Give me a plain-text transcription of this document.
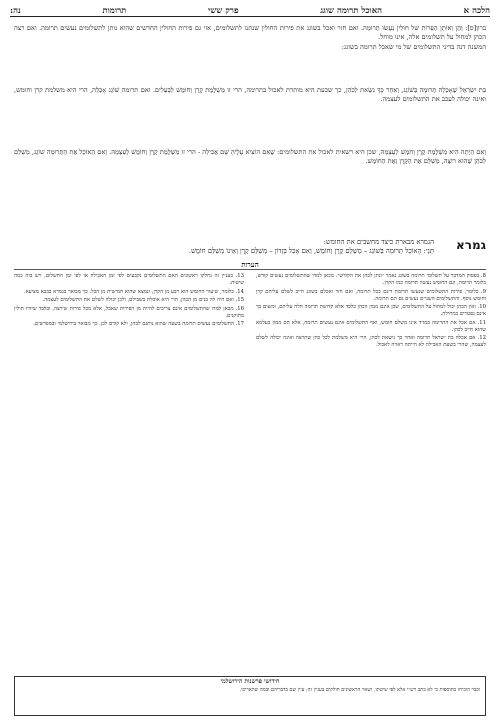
הלכה א
האוכל תרומה שוגג
פרק ששי
תרומות
נה:

ברון[ס]: וְהֵן וְאוֹתָן הַפֵּרוֹת של חוּלִין נַעֲשׂוּ תְרוּמָה. ואם חזר ואכל בשוגג את פירות החולין שנתנו לתשלומים, אזי גם פירות החולין החדשים שהוא נותן לתשלומים נעשים תרומה. ואם רצה הכהן למחול על תשלומים אלה, אינו מוחל.

המשנה דנה בדיני התשלומים של מי שאכל תרומה בשוגג:

בַּת יִשְׂרָאֵל שֶׁאָכְלָה תְרוּמָה בְּשׁוֹגֵג, וְאַחַר כָּךְ נִשֵּׂאת לְכֹהֵן, כך שכעת היא מותרת לאכול בתרומה, הרי זו מְשַׁלֶּמֶת קֶרֶן וְחוֹמֶשׁ לַבְּעָלִים. ואם תרומה שׁוֹגֵג אָכְלָה, הרי היא משלמת קרן וחומש, ואינה יכולה לעכב את התשלומים לעצמה.

וְאִם הָיְתָה הִיא מְשַׁלֶּמֶת קֶרֶן וָחֹמֶשׁ לְעַצְמָהּ, שכן היא רשאית לאכול את התשלומים: שֶׁאִם הוֹצִיא עָלֶיהָ שֵׁם אֲכִילָה - הרי זו מְשַׁלֶּמֶת קֶרֶן וְחוֹמֶשׁ לְעַצְמָהּ. וְאִם הָאוֹכֵל אֶת הַתְּרוּמָה שׁוֹגֵג, מְשַׁלֵּם לַכֹּהֵן שֶׁהוּא רוֹצֶה, מְשַׁלֵּם אֶת הַקֶּרֶן וְאֶת הַחוֹמֶשׁ.

גמרא
הגמרא מבארת כיצד מחשבים את החומש:
תָּנֵי: הָאוֹכֵל תְּרוּמָה בְּשׁוֹגֵג – מְשַׁלֵּם קֶרֶן וְחוֹמֶשׁ, וְאִם אָכַל בְּזָדוֹן – מְשַׁלֵּם קֶרֶן וְאֵינוֹ מְשַׁלֵּם חוֹמֶשׁ.
הערות

8. בפסוק המדבר על תשלומי תרומה בשוגג נאמר ״ונתן לכהן את הקודש״. מכאן למדו שהתשלומים נעשים קודש, כלומר תרומה, וגם החומש נעשה תרומה כמו הקרן.

9. כלומר, פירות התשלומים שנעשו תרומה דינם ככל תרומה, ואם חזר ואכלם בשוגג חייב לשלם עליהם קרן וחומש נוסף. והתשלומים השניים נעשים גם הם תרומה.

10. ואין הכהן יכול למחול על התשלומים, שכן אינם ממון הכהן בלבד אלא קדושת תרומה חלה עליהם, ומשום כך אינם נפטרים במחילה.

11. אם אכל את התרומה במזיד אינו משלם חומש, ואף התשלומים אינם נעשים תרומה, אלא הם ממון בעלמא שהוא חייב לכהן.

12. אם אכלה בת ישראל תרומה ואחר כך נישאת לכהן, הרי היא משלמת לכל כהן שתרצה ואינה יכולה לשלם לעצמה, שהרי בשעת האכילה לא הייתה ראויה לאכול.

13. בעניין זה נחלקו ראשונים האם התשלומים נקבעים לפי זמן האכילה או לפי זמן התשלום, ויש בזה כמה שיטות.

14. כלומר, שיעור החומש הוא רבע מן הקרן, ונמצא שהוא חמישית מן הכל. כך מבואר בגמרא בבבא מציעא.

15. ואם היה לה בנים מן הכהן, הרי היא אוכלת בשבילם, ולכן יכולה לשלם את התשלומים לעצמה.

16. מכאן למדו שהתשלומים אינם צריכים להיות מן הפירות שאכל, אלא מכל פירות שירצה, ובלבד שיהיו חולין מתוקנים.

17. התשלומים נעשים תרומה בשעה שהוא נותנם לכהן, ולא קודם לכן. כך מבואר בירושלמי ובמפרשים.

חידושי פרשנות הירושלמי
וכבר הוכיחו בתוספות כי לא כתב רש״י אלא לפי שיטתו, ושאר הראשונים חולקים בעניין זה; עיין שם בדבריהם ובמה שהאריכו.
